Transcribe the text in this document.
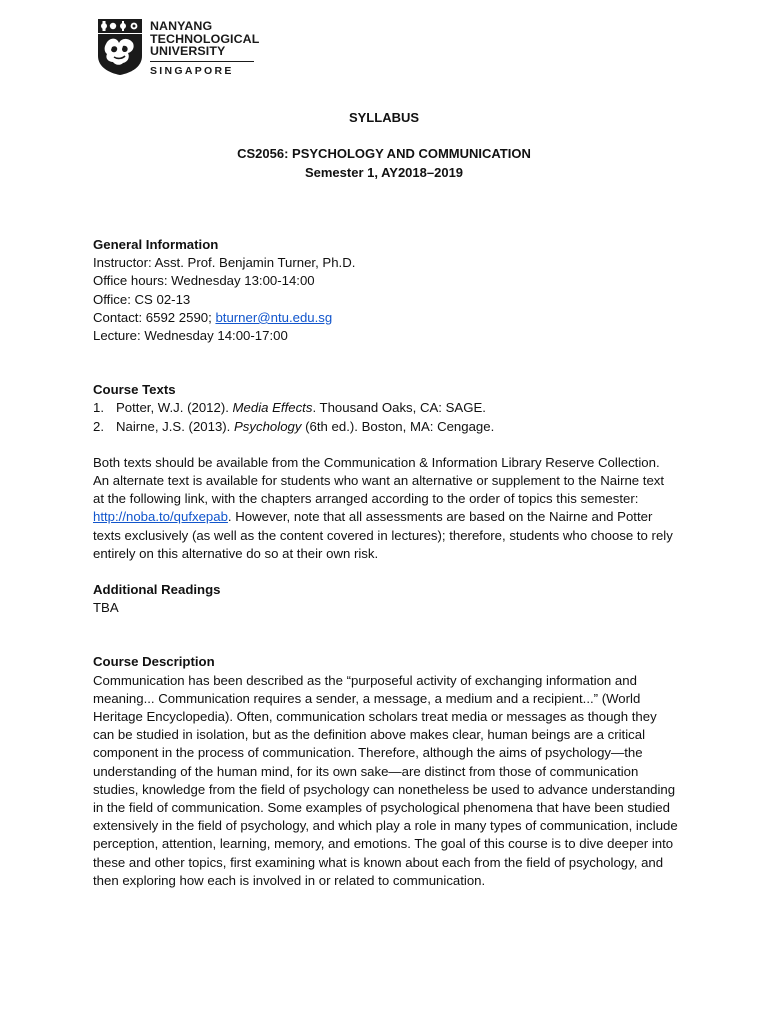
NANYANG
TECHNOLOGICAL
UNIVERSITY
SINGAPORE
SYLLABUS
CS2056: PSYCHOLOGY AND COMMUNICATION
Semester 1, AY2018–2019

General Information

Instructor: Asst. Prof. Benjamin Turner, Ph.D.

Office hours: Wednesday 13:00-14:00

Office: CS 02-13

Contact: 6592 2590; bturner@ntu.edu.sg

Lecture: Wednesday 14:00-17:00

Course Texts

1. Potter, W.J. (2012). Media Effects. Thousand Oaks, CA: SAGE.
2. Nairne, J.S. (2013). Psychology (6th ed.). Boston, MA: Cengage.

Both texts should be available from the Communication & Information Library Reserve Collection. An alternate text is available for students who want an alternative or supplement to the Nairne text at the following link, with the chapters arranged according to the order of topics this semester: http://noba.to/qufxepab. However, note that all assessments are based on the Nairne and Potter texts exclusively (as well as the content covered in lectures); therefore, students who choose to rely entirely on this alternative do so at their own risk.

Additional Readings

TBA

Course Description

Communication has been described as the “purposeful activity of exchanging information and meaning... Communication requires a sender, a message, a medium and a recipient...” (World Heritage Encyclopedia). Often, communication scholars treat media or messages as though they can be studied in isolation, but as the definition above makes clear, human beings are a critical component in the process of communication. Therefore, although the aims of psychology—the understanding of the human mind, for its own sake—are distinct from those of communication studies, knowledge from the field of psychology can nonetheless be used to advance understanding in the field of communication. Some examples of psychological phenomena that have been studied extensively in the field of psychology, and which play a role in many types of communication, include perception, attention, learning, memory, and emotions. The goal of this course is to dive deeper into these and other topics, first examining what is known about each from the field of psychology, and then exploring how each is involved in or related to communication.
